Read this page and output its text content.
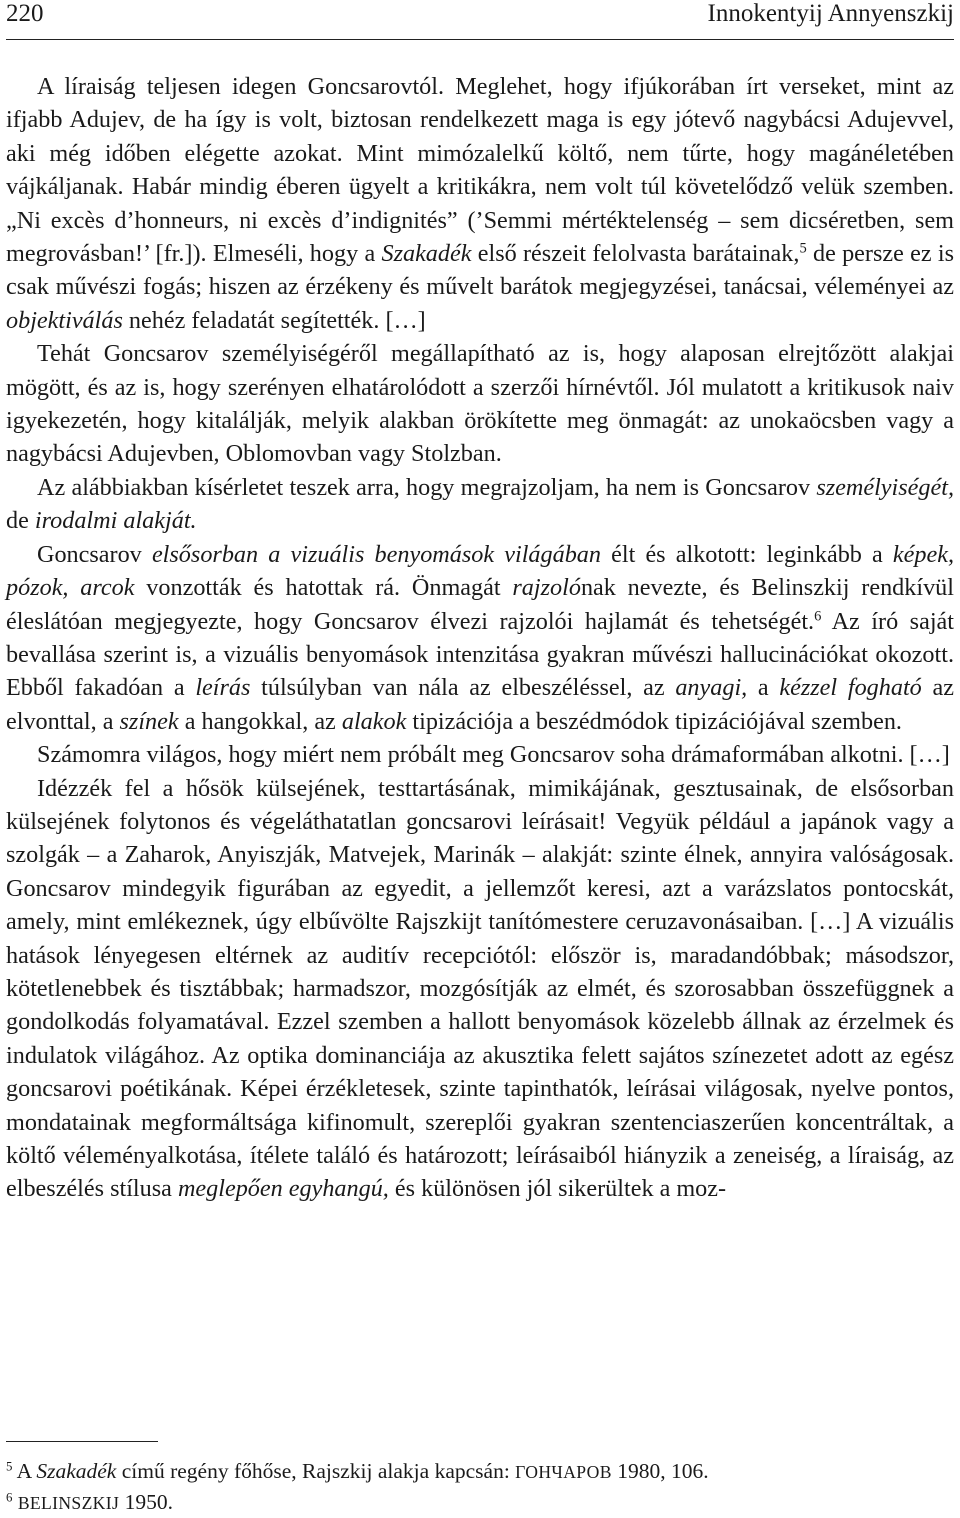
220	Innokentyij Annyenszkij

A líraiság teljesen idegen Goncsarovtól. Meglehet, hogy ifjúkorában írt verseket, mint az ifjabb Adujev, de ha így is volt, biztosan rendelkezett maga is egy jótevő nagybácsi Adujevvel, aki még időben elégette azokat. Mint mimózalelkű költő, nem tűrte, hogy magánéletében vájkáljanak. Habár mindig éberen ügyelt a kritikákra, nem volt túl követelődző velük szemben. „Ni excès d’honneurs, ni excès d’indignités” (’Semmi mértéktelenség – sem dicséretben, sem megrovásban!’ [fr.]). Elmeséli, hogy a Szakadék első részeit felolvasta barátainak,$^5$ de persze ez is csak művészi fogás; hiszen az érzékeny és művelt barátok megjegyzései, tanácsai, véleményei az objektiválás nehéz feladatát segítették. […]

Tehát Goncsarov személyiségéről megállapítható az is, hogy alaposan elrejtőzött alakjai mögött, és az is, hogy szerényen elhatárolódott a szerzői hírnévtől. Jól mulatott a kritikusok naiv igyekezetén, hogy kitalálják, melyik alakban örökítette meg önmagát: az unokaöcsben vagy a nagybácsi Adujevben, Oblomovban vagy Stolzban.

Az alábbiakban kísérletet teszek arra, hogy megrajzoljam, ha nem is Goncsarov személyiségét, de irodalmi alakját.

Goncsarov elsősorban a vizuális benyomások világában élt és alkotott: leginkább a képek, pózok, arcok vonzották és hatottak rá. Önmagát rajzolónak nevezte, és Belinszkij rendkívül éleslátóan megjegyezte, hogy Goncsarov élvezi rajzolói hajlamát és tehetségét.$^6$ Az író saját bevallása szerint is, a vizuális benyomások intenzitása gyakran művészi hallucinációkat okozott. Ebből fakadóan a leírás túlsúlyban van nála az elbeszéléssel, az anyagi, a kézzel fogható az elvonttal, a színek a hangokkal, az alakok tipizációja a beszédmódok tipizációjával szemben.

Számomra világos, hogy miért nem próbált meg Goncsarov soha drámaformában alkotni. […]

Idézzék fel a hősök külsejének, testtartásának, mimikájának, gesztusainak, de elsősorban külsejének folytonos és végeláthatatlan goncsarovi leírásait! Vegyük például a japánok vagy a szolgák – a Zaharok, Anyiszják, Matvejek, Marinák – alakját: szinte élnek, annyira valóságosak. Goncsarov mindegyik figurában az egyedit, a jellemzőt keresi, azt a varázslatos pontocskát, amely, mint emlékeznek, úgy elbűvölte Rajszkijt tanítómestere ceruzavonásaiban. […] A vizuális hatások lényegesen eltérnek az auditív recepciótól: először is, maradandóbbak; másodszor, kötetlenebbek és tisztábbak; harmadszor, mozgósítják az elmét, és szorosabban összefüggnek a gondolkodás folyamatával. Ezzel szemben a hallott benyomások közelebb állnak az érzelmek és indulatok világához. Az optika dominanciája az akusztika felett sajátos színezetet adott az egész goncsarovi poétikának. Képei érzékletesek, szinte tapinthatók, leírásai világosak, nyelve pontos, mondatainak megformáltsága kifinomult, szereplői gyakran szentenciaszerűen koncentráltak, a költő véleményalkotása, ítélete találó és határozott; leírásaiból hiányzik a zeneiség, a líraiság, az elbeszélés stílusa meglepően egyhangú, és különösen jól sikerültek a moz-

$^5$ A Szakadék című regény főhőse, Rajszkij alakja kapcsán: ГОНЧАРОВ 1980, 106.

$^6$ BELINSZKIJ 1950.
